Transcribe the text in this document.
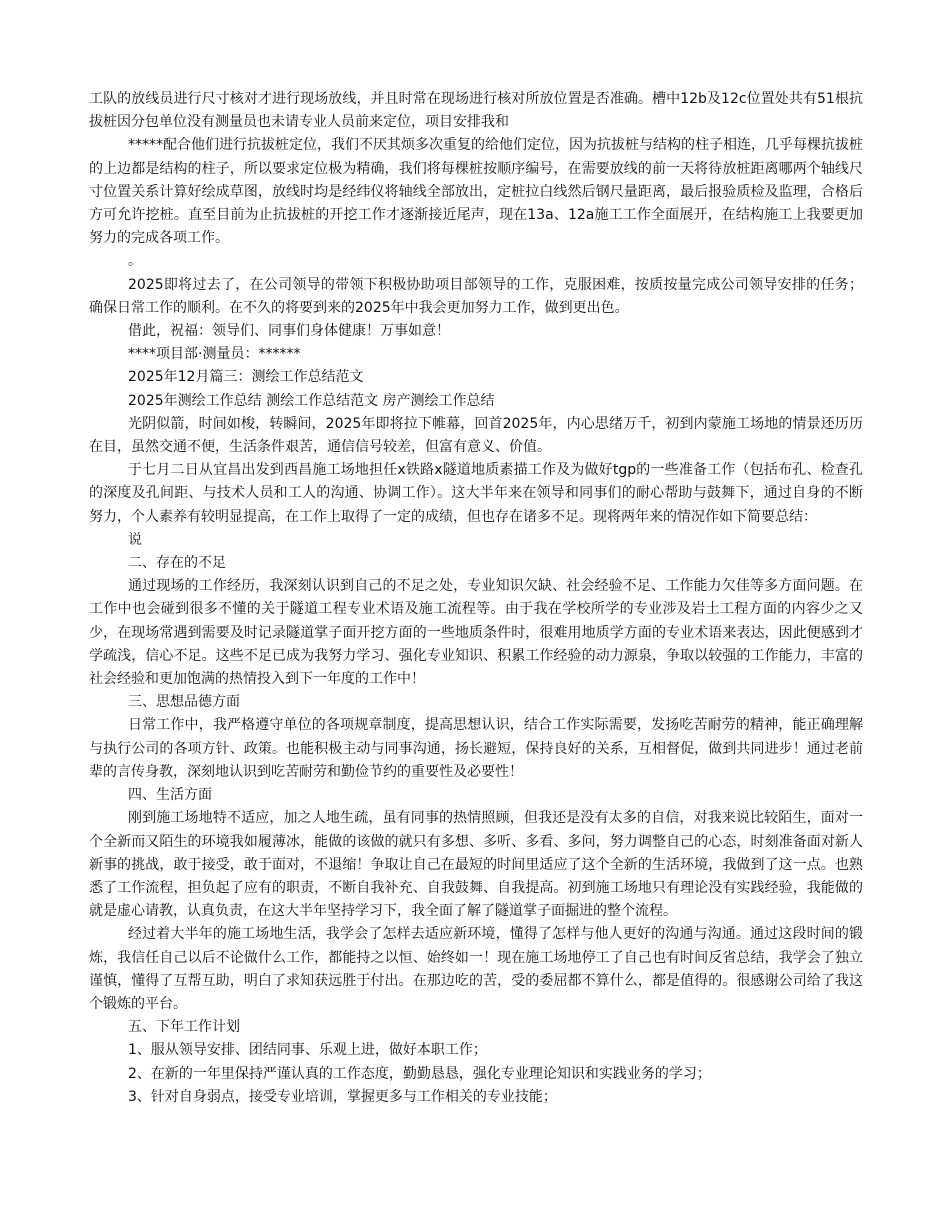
工队的放线员进行尺寸核对才进行现场放线，并且时常在现场进行核对所放位置是否准确。槽中12b及12c位置处共有51根抗拔桩因分包单位没有测量员也未请专业人员前来定位，项目安排我和

*****配合他们进行抗拔桩定位，我们不厌其烦多次重复的给他们定位，因为抗拔桩与结构的柱子相连，几乎每棵抗拔桩的上边都是结构的柱子，所以要求定位极为精确，我们将每棵桩按顺序编号，在需要放线的前一天将待放桩距离哪两个轴线尺寸位置关系计算好绘成草图，放线时均是经纬仪将轴线全部放出，定桩拉白线然后钢尺量距离，最后报验质检及监理，合格后方可允许挖桩。直至目前为止抗拔桩的开挖工作才逐渐接近尾声，现在13a、12a施工工作全面展开，在结构施工上我要更加努力的完成各项工作。

。

2025即将过去了，在公司领导的带领下积极协助项目部领导的工作，克服困难，按质按量完成公司领导安排的任务；确保日常工作的顺利。在不久的将要到来的2025年中我会更加努力工作，做到更出色。

借此，祝福：领导们、同事们身体健康！万事如意！

****项目部·测量员：******

2025年12月篇三：测绘工作总结范文

2025年测绘工作总结 测绘工作总结范文 房产测绘工作总结

光阴似箭，时间如梭，转瞬间，2025年即将拉下帷幕，回首2025年，内心思绪万千，初到内蒙施工场地的情景还历历在目，虽然交通不便，生活条件艰苦，通信信号较差，但富有意义、价值。

于七月二日从宜昌出发到西昌施工场地担任x铁路x隧道地质素描工作及为做好tgp的一些准备工作（包括布孔、检查孔的深度及孔间距、与技术人员和工人的沟通、协调工作）。这大半年来在领导和同事们的耐心帮助与鼓舞下，通过自身的不断努力，个人素养有较明显提高，在工作上取得了一定的成绩，但也存在诸多不足。现将两年来的情况作如下简要总结：

说

二、存在的不足

通过现场的工作经历，我深刻认识到自己的不足之处，专业知识欠缺、社会经验不足、工作能力欠佳等多方面问题。在工作中也会碰到很多不懂的关于隧道工程专业术语及施工流程等。由于我在学校所学的专业涉及岩土工程方面的内容少之又少，在现场常遇到需要及时记录隧道掌子面开挖方面的一些地质条件时，很难用地质学方面的专业术语来表达，因此便感到才学疏浅，信心不足。这些不足已成为我努力学习、强化专业知识、积累工作经验的动力源泉，争取以较强的工作能力，丰富的社会经验和更加饱满的热情投入到下一年度的工作中！

三、思想品德方面

日常工作中，我严格遵守单位的各项规章制度，提高思想认识，结合工作实际需要，发扬吃苦耐劳的精神，能正确理解与执行公司的各项方针、政策。也能积极主动与同事沟通，扬长避短，保持良好的关系，互相督促，做到共同进步！通过老前辈的言传身教，深刻地认识到吃苦耐劳和勤俭节约的重要性及必要性！

四、生活方面

刚到施工场地特不适应，加之人地生疏，虽有同事的热情照顾，但我还是没有太多的自信，对我来说比较陌生，面对一个全新而又陌生的环境我如履薄冰，能做的该做的就只有多想、多听、多看、多问，努力调整自己的心态，时刻准备面对新人新事的挑战，敢于接受，敢于面对，不退缩！争取让自己在最短的时间里适应了这个全新的生活环境，我做到了这一点。也熟悉了工作流程，担负起了应有的职责，不断自我补充、自我鼓舞、自我提高。初到施工场地只有理论没有实践经验，我能做的就是虚心请教，认真负责，在这大半年坚持学习下，我全面了解了隧道掌子面掘进的整个流程。

经过着大半年的施工场地生活，我学会了怎样去适应新环境，懂得了怎样与他人更好的沟通与沟通。通过这段时间的锻炼，我信任自己以后不论做什么工作，都能持之以恒、始终如一！现在施工场地停工了自己也有时间反省总结，我学会了独立谨慎，懂得了互帮互助，明白了求知获远胜于付出。在那边吃的苦，受的委屈都不算什么，都是值得的。很感谢公司给了我这个锻炼的平台。

五、下年工作计划

1、服从领导安排、团结同事、乐观上进，做好本职工作；

2、在新的一年里保持严谨认真的工作态度，勤勤恳恳，强化专业理论知识和实践业务的学习；

3、针对自身弱点，接受专业培训，掌握更多与工作相关的专业技能；
